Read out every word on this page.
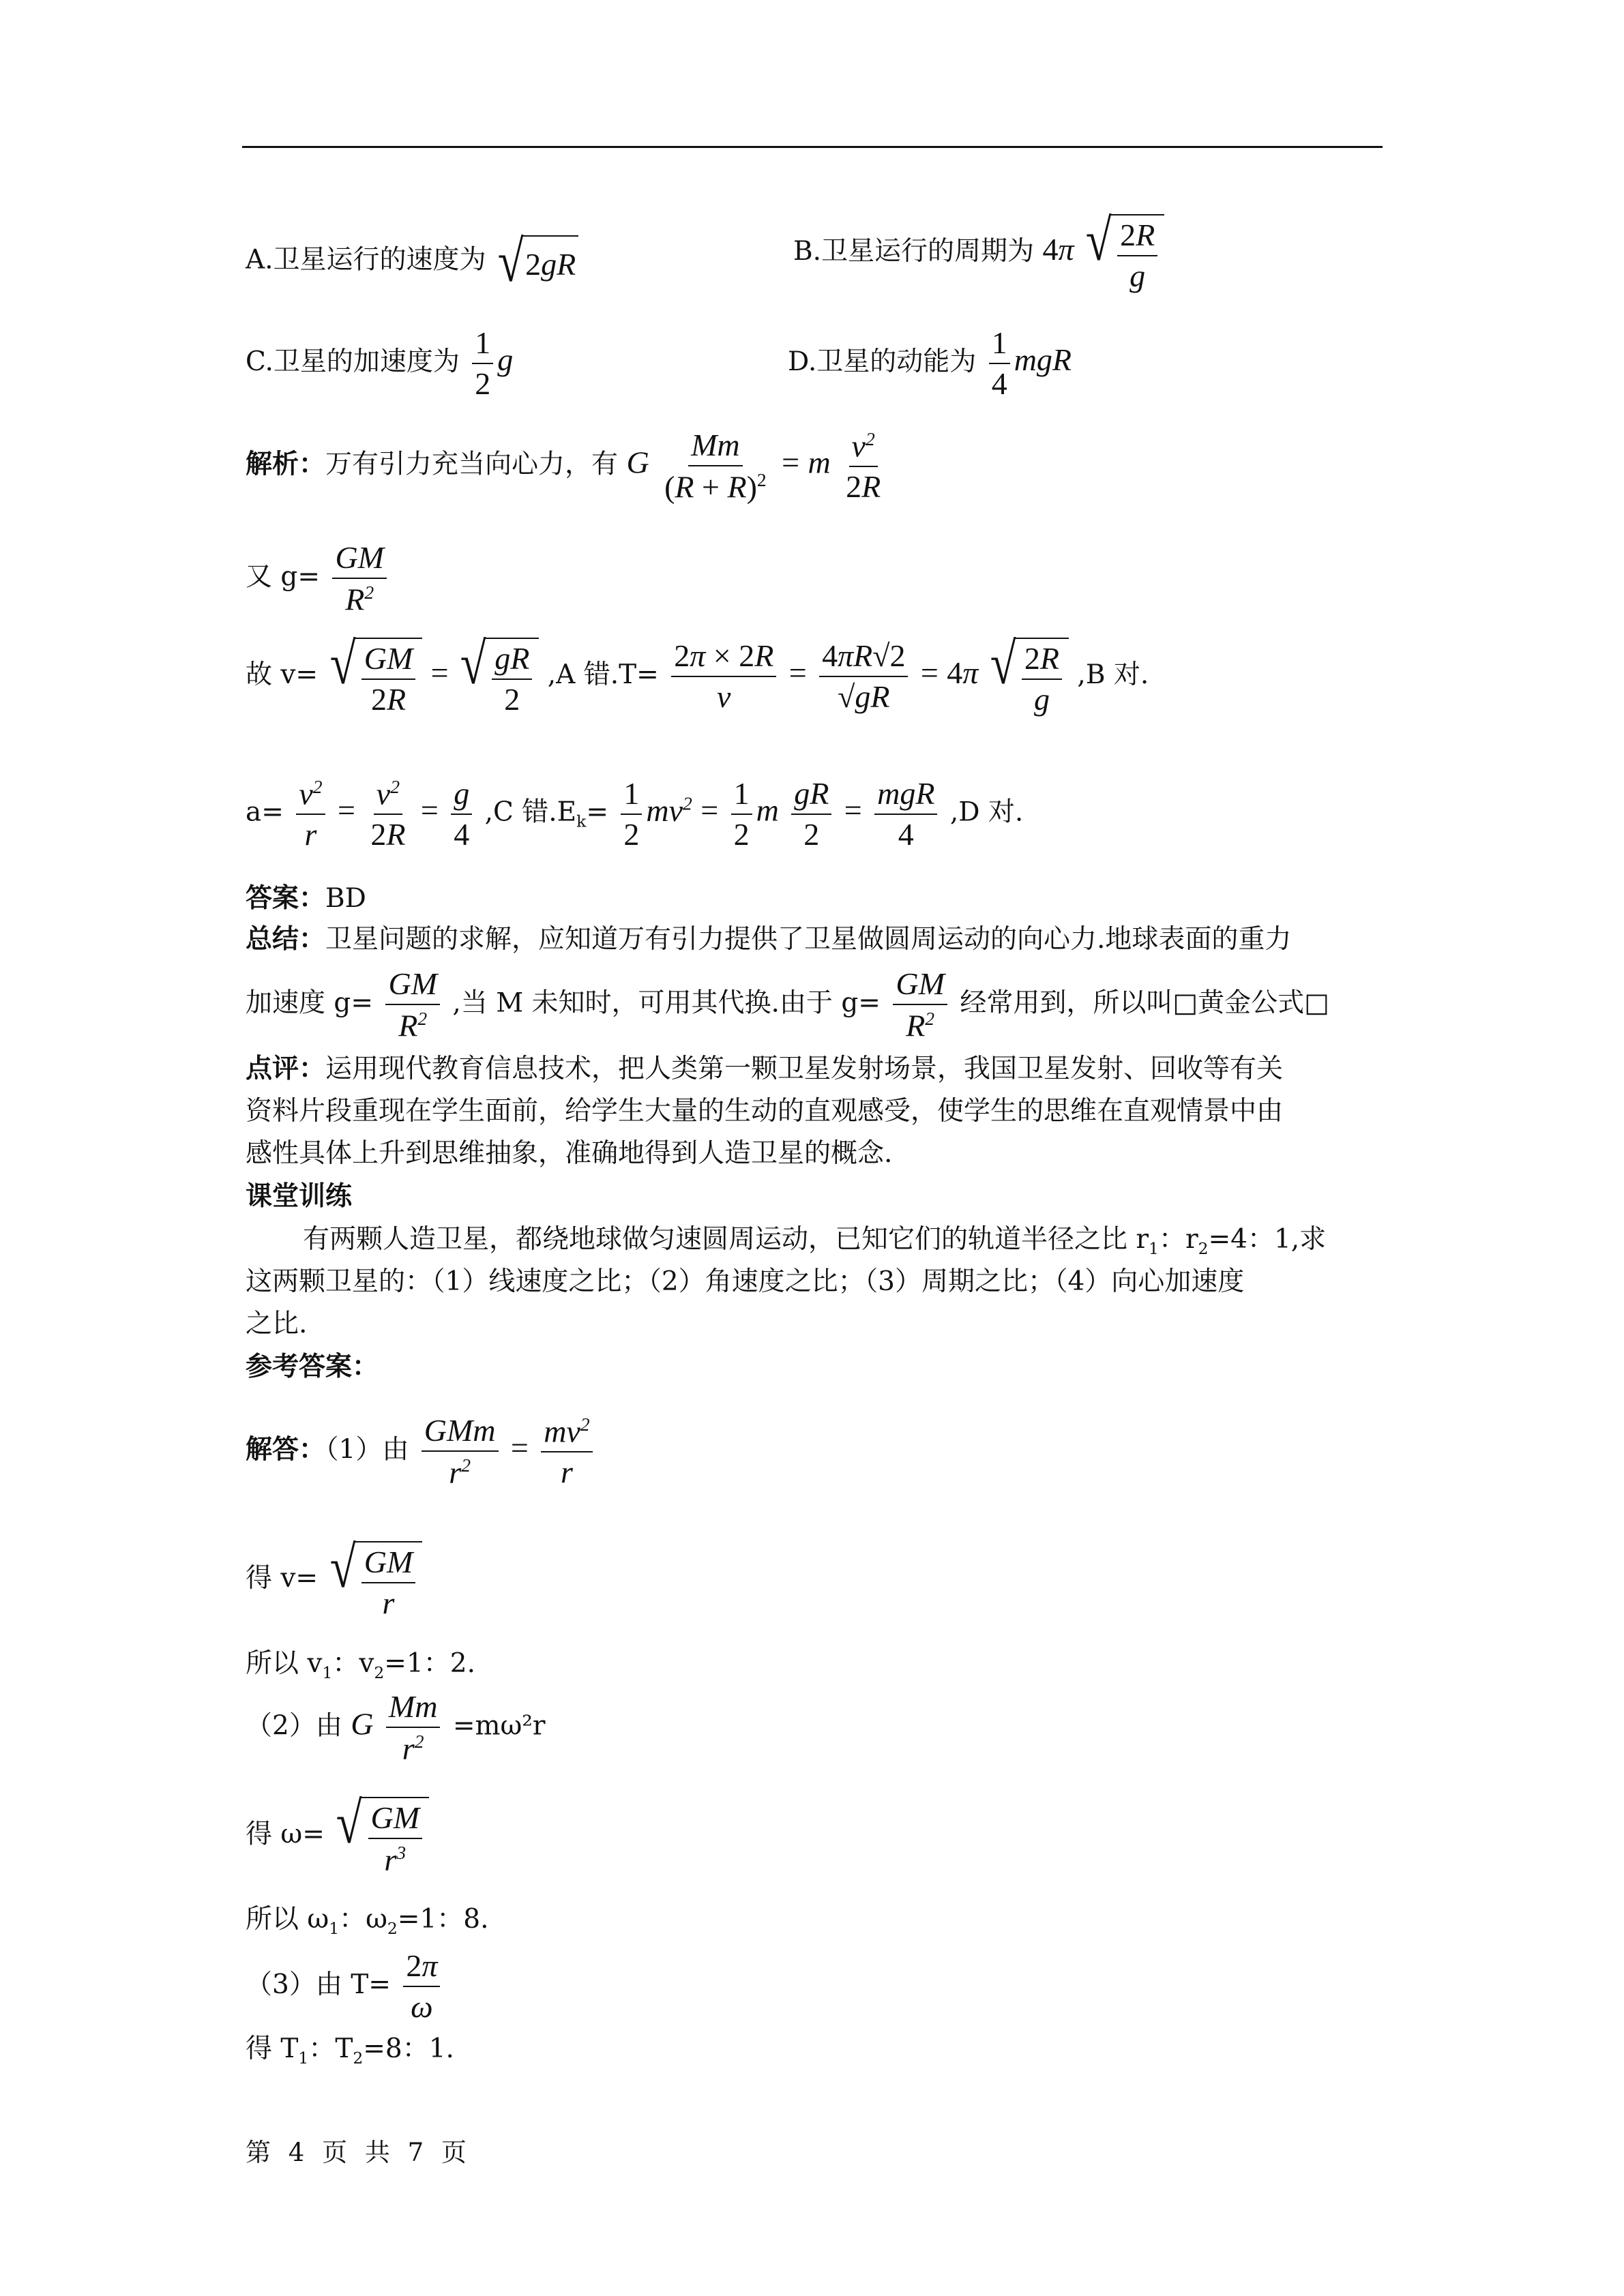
A.卫星运行的速度为 √ 2 gR	B.卫星运行的周期为 4π √ $\frac{2R}{g}$
C.卫星的加速度为 $\frac{1}{2}$ g	D.卫星的动能为 $\frac{1}{4}$ mgR
解析：万有引力充当向心力，有 G $\frac{Mm}{(R + R)^2} = m \frac{v^2}{2R}$
又 $g= \frac{GM}{R^2}$
故 v= √ $\frac{GM}{2R}$ = √ $\frac{gR}{2} ,A$ 错$.T= \frac{2\pi \times 2R}{v} = \frac{4\pi R√2}{√gR} = 4\pi$ √ $\frac{2R}{g} ,B$ 对.
$a= \frac{v^2}{r} = \frac{v^2}{2R} = \frac{g}{4} ,C$ 错$.E_k= \frac{1}{2} mv^2 = \frac{1}{2}$ m $\frac{gR}{2} = \frac{\text{mgR}}{4} ,D$ 对.
答案：BD
总结：卫星问题的求解，应知道万有引力提供了卫星做圆周运动的向心力.地球表面的重力
加速度 $g= \frac{GM}{R^2}$ ,当 M 未知时，可用其代换.由于 $g= \frac{GM}{R^2}$ 经常用到，所以叫□黄金公式□
点评：运用现代教育信息技术，把人类第一颗卫星发射场景，我国卫星发射、回收等有关
资料片段重现在学生面前，给学生大量的生动的直观感受，使学生的思维在直观情景中由
感性具体上升到思维抽象，准确地得到人造卫星的概念.
课堂训练
有两颗人造卫星，都绕地球做匀速圆周运动，已知它们的轨道半径之比 $r_1$：$r_2=4$：1,求
这两颗卫星的：（1）线速度之比；（2）角速度之比；（3）周期之比；（4）向心加速度
之比.
参考答案：
解答：（1）由 $\frac{\text{GMm}}{r^2} = \frac{mv^2}{r}$
得 v= √ $\frac{GM}{r}$
所以 $v_1$：$v_2=1$：2.
（2）由 G $\frac{Mm}{r^2} =m\omega^2r$
得 ω= √ $\frac{GM}{r^3}$
所以 $\omega_1$：$\omega_2=1$：8.
（3）由 $T= \frac{2\pi}{\omega}$
得 $T_1$：$T_2=8$：1.
第 4 页 共 7 页
